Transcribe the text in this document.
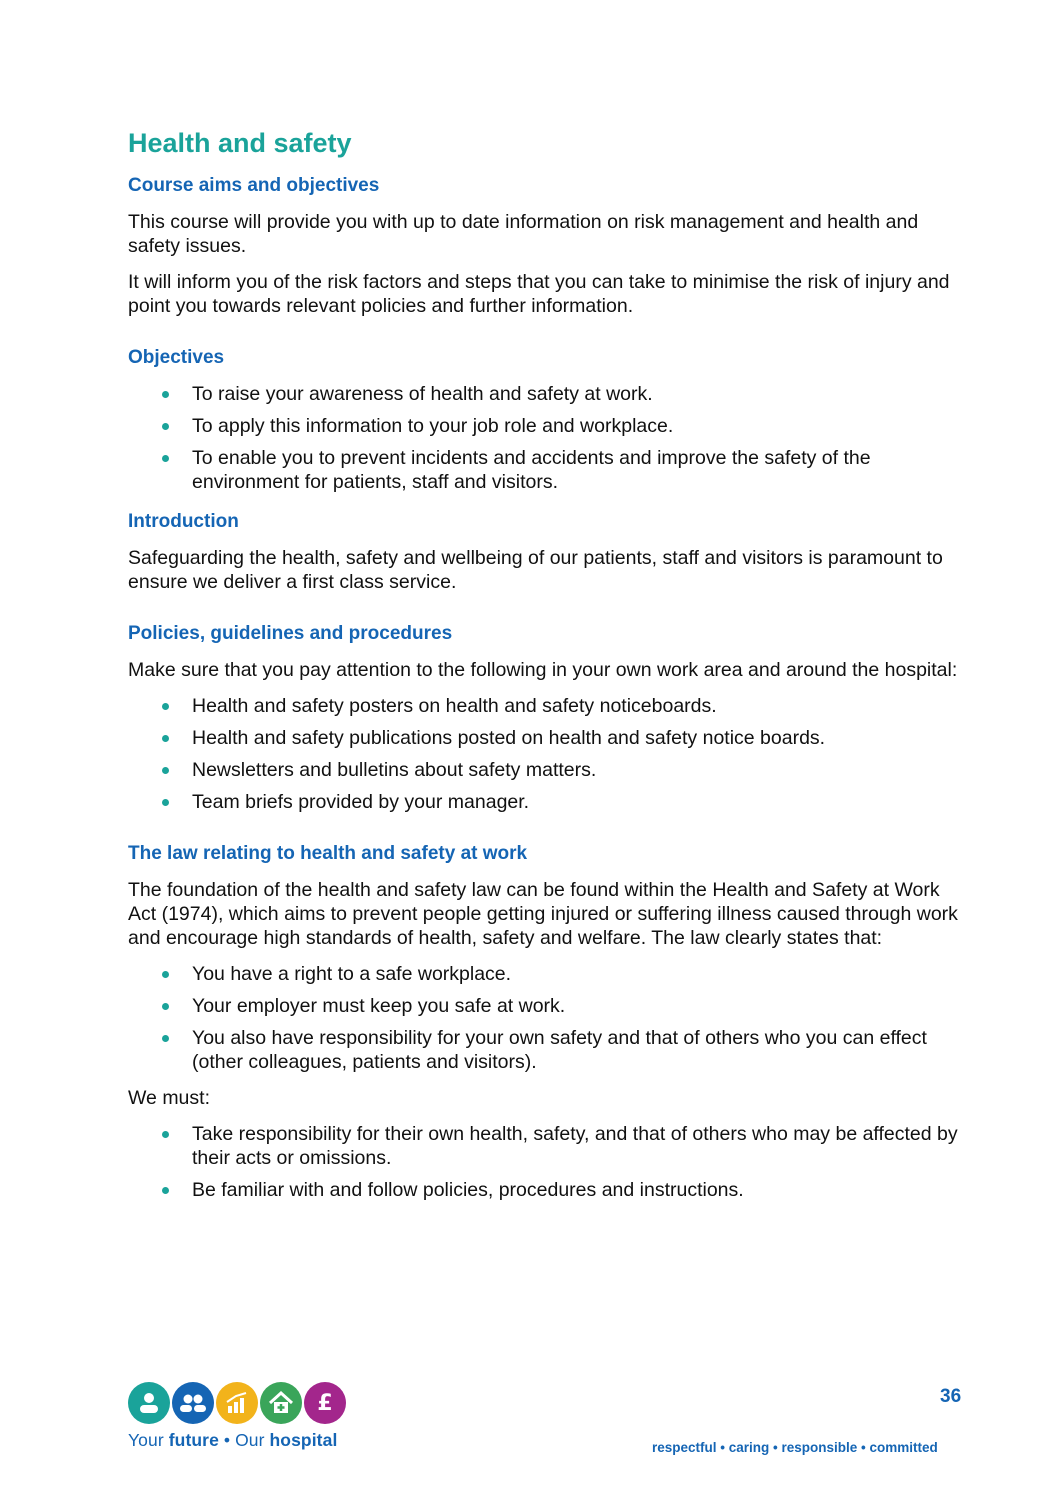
Health and safety
Course aims and objectives

This course will provide you with up to date information on risk management and health and safety issues.

It will inform you of the risk factors and steps that you can take to minimise the risk of injury and point you towards relevant policies and further information.

Objectives
To raise your awareness of health and safety at work.
To apply this information to your job role and workplace.
To enable you to prevent incidents and accidents and improve the safety of the environment for patients, staff and visitors.
Introduction

Safeguarding the health, safety and wellbeing of our patients, staff and visitors is paramount to ensure we deliver a first class service.

Policies, guidelines and procedures

Make sure that you pay attention to the following in your own work area and around the hospital:

Health and safety posters on health and safety noticeboards.
Health and safety publications posted on health and safety notice boards.
Newsletters and bulletins about safety matters.
Team briefs provided by your manager.
The law relating to health and safety at work

The foundation of the health and safety law can be found within the Health and Safety at Work Act (1974), which aims to prevent people getting injured or suffering illness caused through work and encourage high standards of health, safety and welfare. The law clearly states that:

You have a right to a safe workplace.
Your employer must keep you safe at work.
You also have responsibility for your own safety and that of others who you can effect (other colleagues, patients and visitors).

We must:

Take responsibility for their own health, safety, and that of others who may be affected by their acts or omissions.
Be familiar with and follow policies, procedures and instructions.
£
Your future • Our hospital
36
respectful • caring • responsible • committed
